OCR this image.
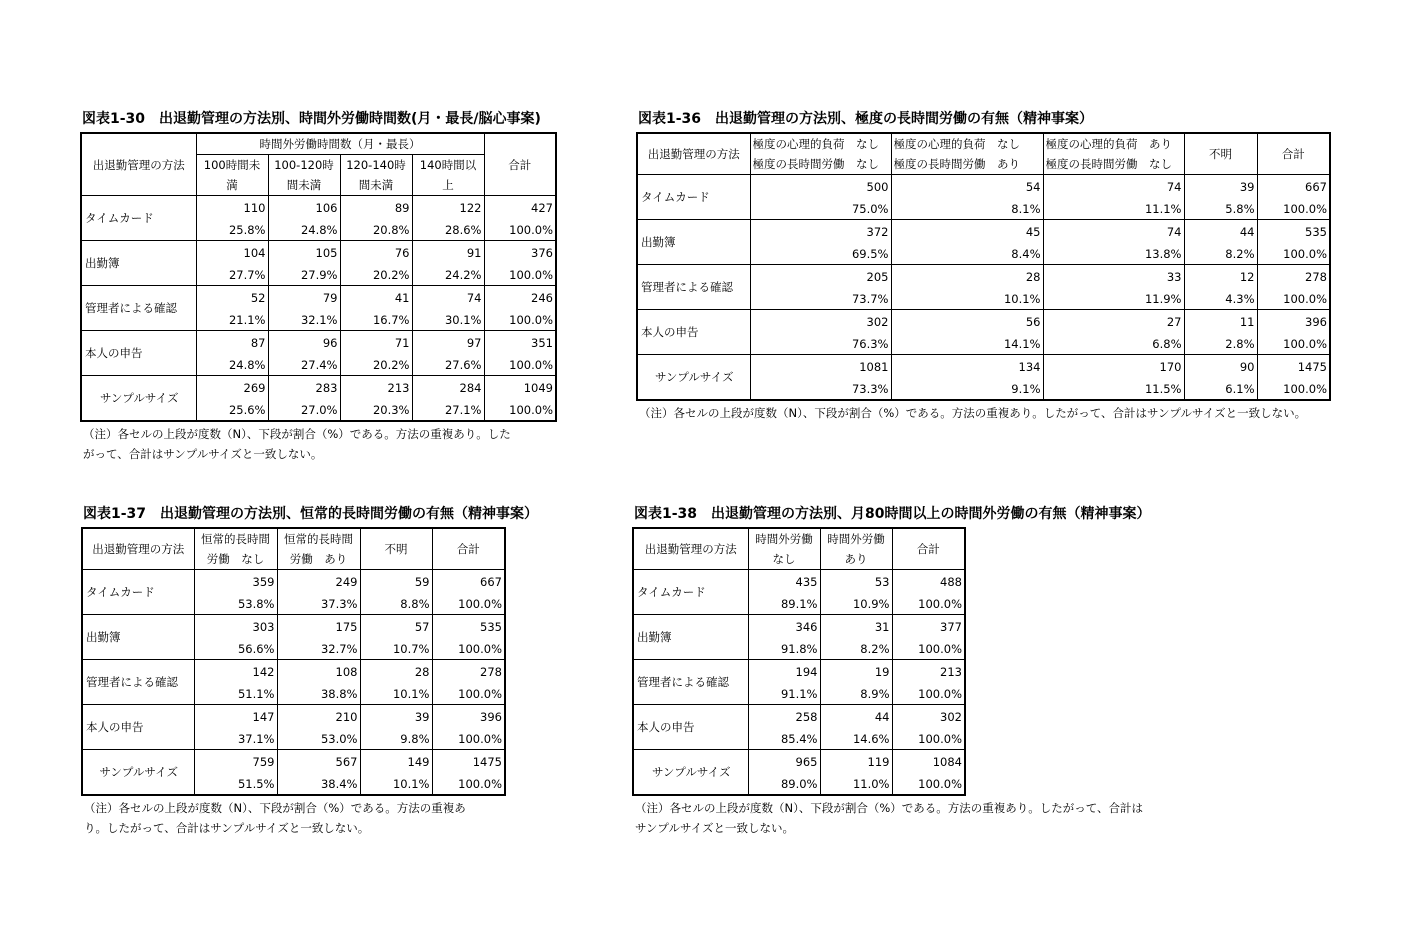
図表1-30　出退勤管理の方法別、時間外労働時間数(月・最長/脳心事案)
出退勤管理の方法	時間外労働時間数（月・最長）				合計
	100時間未	100-120時	120-140時	140時間以	
	満	間未満	間未満	上	
タイムカード	110	106	89	122	427
	25.8%	24.8%	20.8%	28.6%	100.0%
出勤簿	104	105	76	91	376
	27.7%	27.9%	20.2%	24.2%	100.0%
管理者による確認	52	79	41	74	246
	21.1%	32.1%	16.7%	30.1%	100.0%
本人の申告	87	96	71	97	351
	24.8%	27.4%	20.2%	27.6%	100.0%
サンプルサイズ	269	283	213	284	1049
	25.6%	27.0%	20.3%	27.1%	100.0%
（注）各セルの上段が度数（N）、下段が割合（%）である。方法の重複あり。した
がって、合計はサンプルサイズと一致しない。
図表1-36　出退勤管理の方法別、極度の長時間労働の有無（精神事案）
出退勤管理の方法	極度の心理的負荷　なし	極度の心理的負荷　なし	極度の心理的負荷　あり	不明	合計
	極度の長時間労働　なし	極度の長時間労働　あり	極度の長時間労働　なし		
タイムカード	500	54	74	39	667
	75.0%	8.1%	11.1%	5.8%	100.0%
出勤簿	372	45	74	44	535
	69.5%	8.4%	13.8%	8.2%	100.0%
管理者による確認	205	28	33	12	278
	73.7%	10.1%	11.9%	4.3%	100.0%
本人の申告	302	56	27	11	396
	76.3%	14.1%	6.8%	2.8%	100.0%
サンプルサイズ	1081	134	170	90	1475
	73.3%	9.1%	11.5%	6.1%	100.0%
（注）各セルの上段が度数（N）、下段が割合（%）である。方法の重複あり。したがって、合計はサンプルサイズと一致しない。
図表1-37　出退勤管理の方法別、恒常的長時間労働の有無（精神事案）
出退勤管理の方法	恒常的長時間	恒常的長時間	不明	合計
	労働　なし	労働　あり		
タイムカード	359	249	59	667
	53.8%	37.3%	8.8%	100.0%
出勤簿	303	175	57	535
	56.6%	32.7%	10.7%	100.0%
管理者による確認	142	108	28	278
	51.1%	38.8%	10.1%	100.0%
本人の申告	147	210	39	396
	37.1%	53.0%	9.8%	100.0%
サンプルサイズ	759	567	149	1475
	51.5%	38.4%	10.1%	100.0%
（注）各セルの上段が度数（N）、下段が割合（%）である。方法の重複あ
り。したがって、合計はサンプルサイズと一致しない。
図表1-38　出退勤管理の方法別、月80時間以上の時間外労働の有無（精神事案）
出退勤管理の方法	時間外労働	時間外労働	合計
	なし	あり	
タイムカード	435	53	488
	89.1%	10.9%	100.0%
出勤簿	346	31	377
	91.8%	8.2%	100.0%
管理者による確認	194	19	213
	91.1%	8.9%	100.0%
本人の申告	258	44	302
	85.4%	14.6%	100.0%
サンプルサイズ	965	119	1084
	89.0%	11.0%	100.0%
（注）各セルの上段が度数（N）、下段が割合（%）である。方法の重複あり。したがって、合計は
サンプルサイズと一致しない。
